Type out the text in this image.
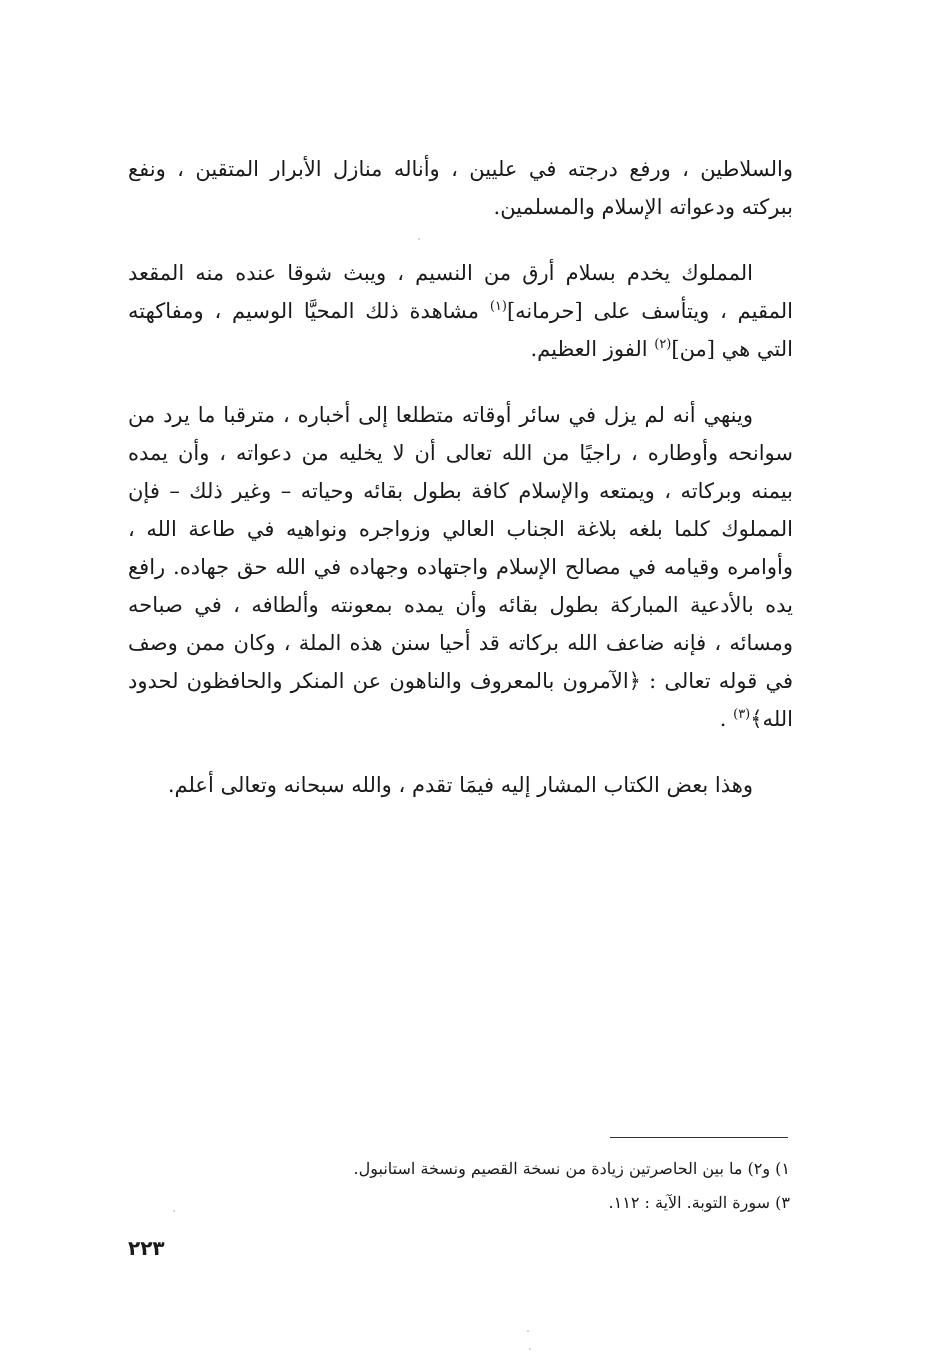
والسلاطين ، ورفع درجته في عليين ، وأناله منازل الأبرار المتقين ، ونفع ببركته ودعواته الإسلام والمسلمين.

المملوك يخدم بسلام أرق من النسيم ، ويبث شوقا عنده منه المقعد المقيم ، ويتأسف على [حرمانه]$^{(١)}$ مشاهدة ذلك المحيَّا الوسيم ، ومفاكهته التي هي [من]$^{(٢)}$ الفوز العظيم.

وينهي أنه لم يزل في سائر أوقاته متطلعا إلى أخباره ، مترقبا ما يرد من سوانحه وأوطاره ، راجيًا من الله تعالى أن لا يخليه من دعواته ، وأن يمده بيمنه وبركاته ، ويمتعه والإسلام كافة بطول بقائه وحياته – وغير ذلك – فإن المملوك كلما بلغه بلاغة الجناب العالي وزواجره ونواهيه في طاعة الله ، وأوامره وقيامه في مصالح الإسلام واجتهاده وجهاده في الله حق جهاده. رافع يده بالأدعية المباركة بطول بقائه وأن يمده بمعونته وألطافه ، في صباحه ومسائه ، فإنه ضاعف الله بركاته قد أحيا سنن هذه الملة ، وكان ممن وصف في قوله تعالى : ﴿الآمرون بالمعروف والناهون عن المنكر والحافظون لحدود الله﴾$^{(٣)}$ .

وهذا بعض الكتاب المشار إليه فيمَا تقدم ، والله سبحانه وتعالى أعلم.

١) و٢) ما بين الحاصرتين زيادة من نسخة القصيم ونسخة استانبول.

٣) سورة التوبة. الآية : ١١٢.

٢٢٣
